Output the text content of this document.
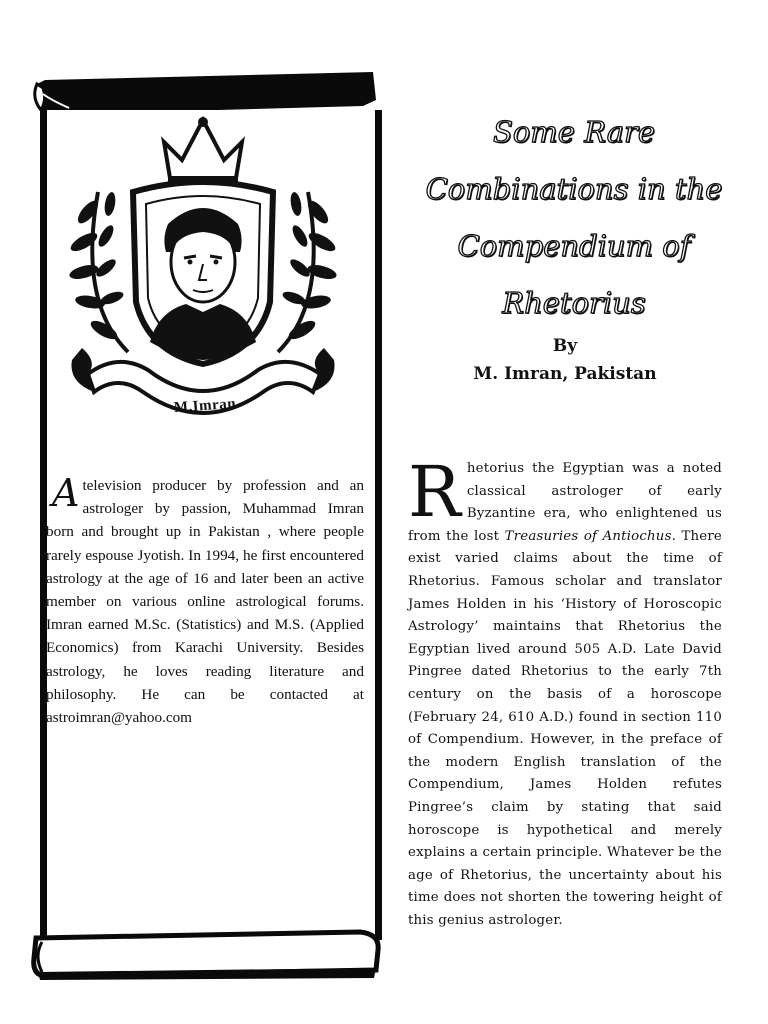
M.Imran
A television producer by profession and an astrologer by passion, Muhammad Imran born and brought up in Pakistan , where people rarely espouse Jyotish. In 1994, he first encountered astrology at the age of 16 and later been an active member on various online astrological forums. Imran earned M.Sc. (Statistics) and M.S. (Applied Economics) from Karachi University. Besides astrology, he loves reading literature and philosophy. He can be contacted at astroimran@yahoo.com
Some Rare
Combinations in the
Compendium of
Rhetorius
By
M. Imran, Pakistan
Rhetorius the Egyptian was a noted classical astrologer of early Byzantine era, who enlightened us from the lost Treasuries of Antiochus. There exist varied claims about the time of Rhetorius. Famous scholar and translator James Holden in his ‘History of Horoscopic Astrology’ maintains that Rhetorius the Egyptian lived around 505 A.D. Late David Pingree dated Rhetorius to the early 7th century on the basis of a horoscope (February 24, 610 A.D.) found in section 110 of Compendium. However, in the preface of the modern English translation of the Compendium, James Holden refutes Pingree’s claim by stating that said horoscope is hypothetical and merely explains a certain principle. Whatever be the age of Rhetorius, the uncertainty about his time does not shorten the towering height of this genius astrologer.
